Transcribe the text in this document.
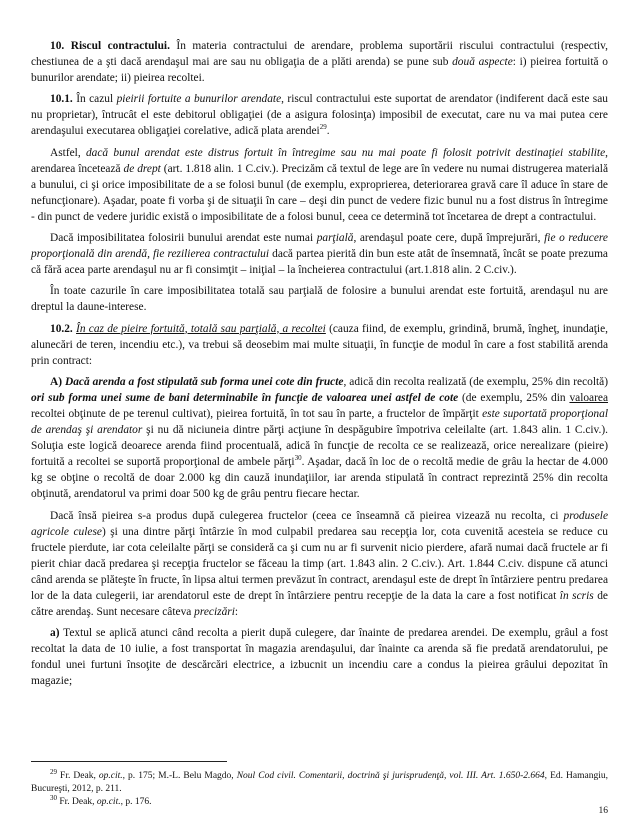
10. Riscul contractului. În materia contractului de arendare, problema suportării riscului contractului (respectiv, chestiunea de a şti dacă arendaşul mai are sau nu obligaţia de a plăti arenda) se pune sub două aspecte: i) pieirea fortuită o bunurilor arendate; ii) pieirea recoltei.

10.1. În cazul pieirii fortuite a bunurilor arendate, riscul contractului este suportat de arendator (indiferent dacă este sau nu proprietar), întrucât el este debitorul obligaţiei (de a asigura folosinţa) imposibil de executat, care nu va mai putea cere arendaşului executarea obligaţiei corelative, adică plata arendei$^{29}$.

Astfel, dacă bunul arendat este distrus fortuit în întregime sau nu mai poate fi folosit potrivit destinaţiei stabilite, arendarea încetează de drept (art. 1.818 alin. 1 C.civ.). Precizăm că textul de lege are în vedere nu numai distrugerea materială a bunului, ci şi orice imposibilitate de a se folosi bunul (de exemplu, exproprierea, deteriorarea gravă care îl aduce în stare de nefuncţionare). Aşadar, poate fi vorba şi de situaţii în care – deşi din punct de vedere fizic bunul nu a fost distrus în întregime - din punct de vedere juridic există o imposibilitate de a folosi bunul, ceea ce determină tot încetarea de drept a contractului.

Dacă imposibilitatea folosirii bunului arendat este numai parţială, arendaşul poate cere, după împrejurări, fie o reducere proporţională din arendă, fie rezilierea contractului dacă partea pierită din bun este atât de însemnată, încât se poate prezuma că fără acea parte arendaşul nu ar fi consimţit – iniţial – la încheierea contractului (art.1.818 alin. 2 C.civ.).

În toate cazurile în care imposibilitatea totală sau parţială de folosire a bunului arendat este fortuită, arendaşul nu are dreptul la daune-interese.

10.2. În caz de pieire fortuită, totală sau parţială, a recoltei (cauza fiind, de exemplu, grindină, brumă, îngheţ, inundaţie, alunecări de teren, incendiu etc.), va trebui să deosebim mai multe situaţii, în funcţie de modul în care a fost stabilită arenda prin contract:

A) Dacă arenda a fost stipulată sub forma unei cote din fructe, adică din recolta realizată (de exemplu, 25% din recoltă) ori sub forma unei sume de bani determinabile în funcţie de valoarea unei astfel de cote (de exemplu, 25% din valoarea recoltei obţinute de pe terenul cultivat), pieirea fortuită, în tot sau în parte, a fructelor de împărţit este suportată proporţional de arendaş şi arendator şi nu dă niciuneia dintre părţi acţiune în despăgubire împotriva celeilalte (art. 1.843 alin. 1 C.civ.). Soluţia este logică deoarece arenda fiind procentuală, adică în funcţie de recolta ce se realizează, orice nerealizare (pieire) fortuită a recoltei se suportă proporţional de ambele părţi$^{30}$. Aşadar, dacă în loc de o recoltă medie de grâu la hectar de 4.000 kg se obţine o recoltă de doar 2.000 kg din cauză inundaţiilor, iar arenda stipulată în contract reprezintă 25% din recolta obţinută, arendatorul va primi doar 500 kg de grâu pentru fiecare hectar.

Dacă însă pieirea s-a produs după culegerea fructelor (ceea ce înseamnă că pieirea vizează nu recolta, ci produsele agricole culese) şi una dintre părţi întârzie în mod culpabil predarea sau recepţia lor, cota cuvenită acesteia se reduce cu fructele pierdute, iar cota celeilalte părţi se consideră ca şi cum nu ar fi survenit nicio pierdere, afară numai dacă fructele ar fi pierit chiar dacă predarea şi recepţia fructelor se făceau la timp (art. 1.843 alin. 2 C.civ.). Art. 1.844 C.civ. dispune că atunci când arenda se plăteşte în fructe, în lipsa altui termen prevăzut în contract, arendaşul este de drept în întârziere pentru predarea lor de la data culegerii, iar arendatorul este de drept în întârziere pentru recepţie de la data la care a fost notificat în scris de către arendaş. Sunt necesare câteva precizări:

a) Textul se aplică atunci când recolta a pierit după culegere, dar înainte de predarea arendei. De exemplu, grâul a fost recoltat la data de 10 iulie, a fost transportat în magazia arendaşului, dar înainte ca arenda să fie predată arendatorului, pe fondul unei furtuni însoţite de descărcări electrice, a izbucnit un incendiu care a condus la pieirea grâului depozitat în magazie;

$^{29}$ Fr. Deak, op.cit., p. 175; M.-L. Belu Magdo, Noul Cod civil. Comentarii, doctrină şi jurisprudenţă, vol. III. Art. 1.650-2.664, Ed. Hamangiu, Bucureşti, 2012, p. 211.
$^{30}$ Fr. Deak, op.cit., p. 176.
16
